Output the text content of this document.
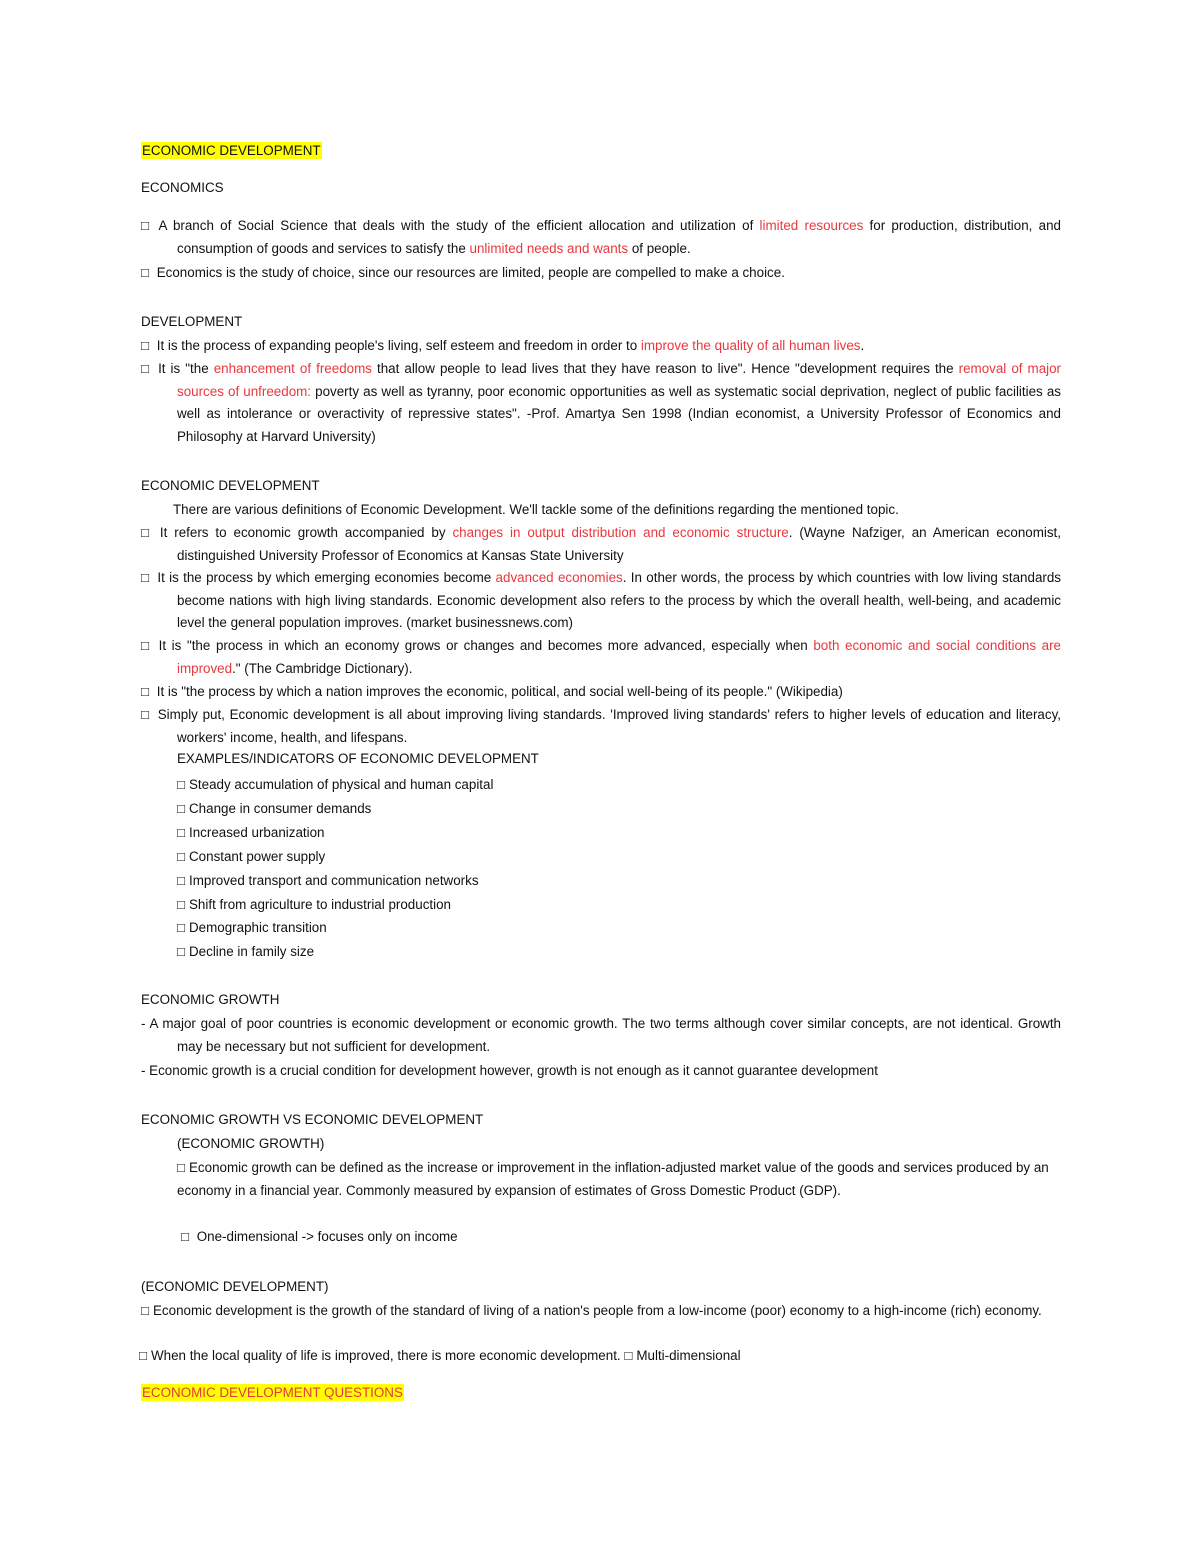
ECONOMIC DEVELOPMENT
ECONOMICS
□ A branch of Social Science that deals with the study of the efficient allocation and utilization of limited resources for production, distribution, and consumption of goods and services to satisfy the unlimited needs and wants of people.
□ Economics is the study of choice, since our resources are limited, people are compelled to make a choice.
DEVELOPMENT
□ It is the process of expanding people's living, self esteem and freedom in order to improve the quality of all human lives.
□ It is "the enhancement of freedoms that allow people to lead lives that they have reason to live". Hence "development requires the removal of major sources of unfreedom: poverty as well as tyranny, poor economic opportunities as well as systematic social deprivation, neglect of public facilities as well as intolerance or overactivity of repressive states". -Prof. Amartya Sen 1998 (Indian economist, a University Professor of Economics and Philosophy at Harvard University)
ECONOMIC DEVELOPMENT
There are various definitions of Economic Development. We'll tackle some of the definitions regarding the mentioned topic.
□ It refers to economic growth accompanied by changes in output distribution and economic structure. (Wayne Nafziger, an American economist, distinguished University Professor of Economics at Kansas State University
□ It is the process by which emerging economies become advanced economies. In other words, the process by which countries with low living standards become nations with high living standards. Economic development also refers to the process by which the overall health, well-being, and academic level the general population improves. (market businessnews.com)
□ It is "the process in which an economy grows or changes and becomes more advanced, especially when both economic and social conditions are improved." (The Cambridge Dictionary).
□ It is "the process by which a nation improves the economic, political, and social well-being of its people." (Wikipedia)
□ Simply put, Economic development is all about improving living standards. 'Improved living standards' refers to higher levels of education and literacy, workers' income, health, and lifespans.
EXAMPLES/INDICATORS OF ECONOMIC DEVELOPMENT
□ Steady accumulation of physical and human capital
□ Change in consumer demands
□ Increased urbanization
□ Constant power supply
□ Improved transport and communication networks
□ Shift from agriculture to industrial production
□ Demographic transition
□ Decline in family size
ECONOMIC GROWTH
- A major goal of poor countries is economic development or economic growth. The two terms although cover similar concepts, are not identical. Growth may be necessary but not sufficient for development.
- Economic growth is a crucial condition for development however, growth is not enough as it cannot guarantee development
ECONOMIC GROWTH VS ECONOMIC DEVELOPMENT
(ECONOMIC GROWTH)
□ Economic growth can be defined as the increase or improvement in the inflation-adjusted market value of the goods and services produced by an economy in a financial year. Commonly measured by expansion of estimates of Gross Domestic Product (GDP).
□ One-dimensional -> focuses only on income
(ECONOMIC DEVELOPMENT)
□ Economic development is the growth of the standard of living of a nation's people from a low-income (poor) economy to a high-income (rich) economy.
□ When the local quality of life is improved, there is more economic development. □ Multi-dimensional
ECONOMIC DEVELOPMENT QUESTIONS
